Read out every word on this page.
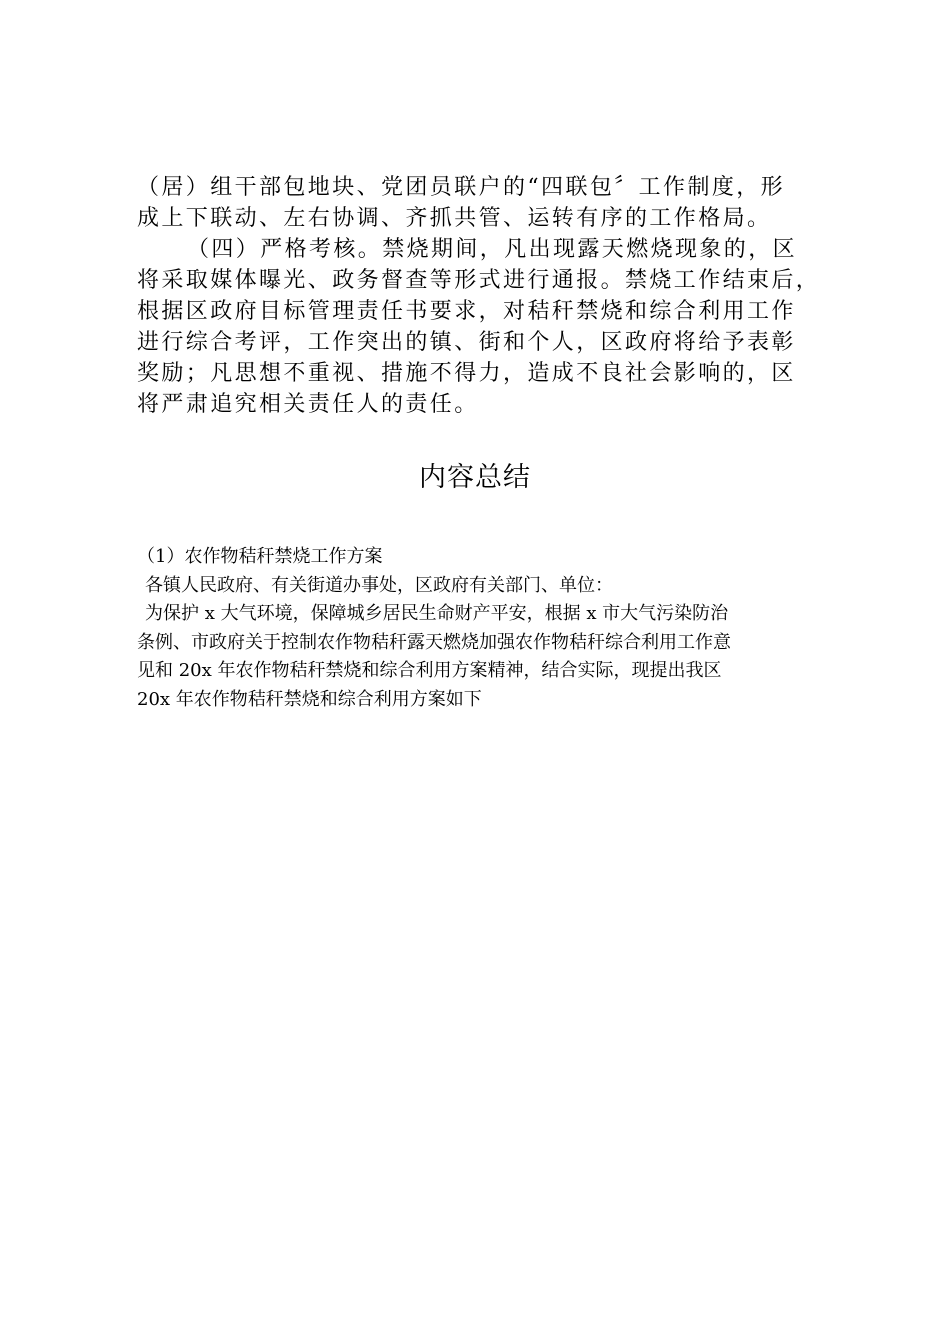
（居）组干部包地块、党团员联户的“四联包〞工作制度，形

成上下联动、左右协调、齐抓共管、运转有序的工作格局。

（四）严格考核。禁烧期间，凡出现露天燃烧现象的，区

将采取媒体曝光、政务督查等形式进行通报。禁烧工作结束后，

根据区政府目标管理责任书要求，对秸秆禁烧和综合利用工作

进行综合考评，工作突出的镇、街和个人，区政府将给予表彰

奖励；凡思想不重视、措施不得力，造成不良社会影响的，区

将严肃追究相关责任人的责任。

内容总结

（1）农作物秸秆禁烧工作方案

各镇人民政府、有关街道办事处，区政府有关部门、单位：

为保护 x 大气环境，保障城乡居民生命财产平安，根据 x 市大气污染防治

条例、市政府关于控制农作物秸秆露天燃烧加强农作物秸秆综合利用工作意

见和 20x 年农作物秸秆禁烧和综合利用方案精神，结合实际，现提出我区

20x 年农作物秸秆禁烧和综合利用方案如下
